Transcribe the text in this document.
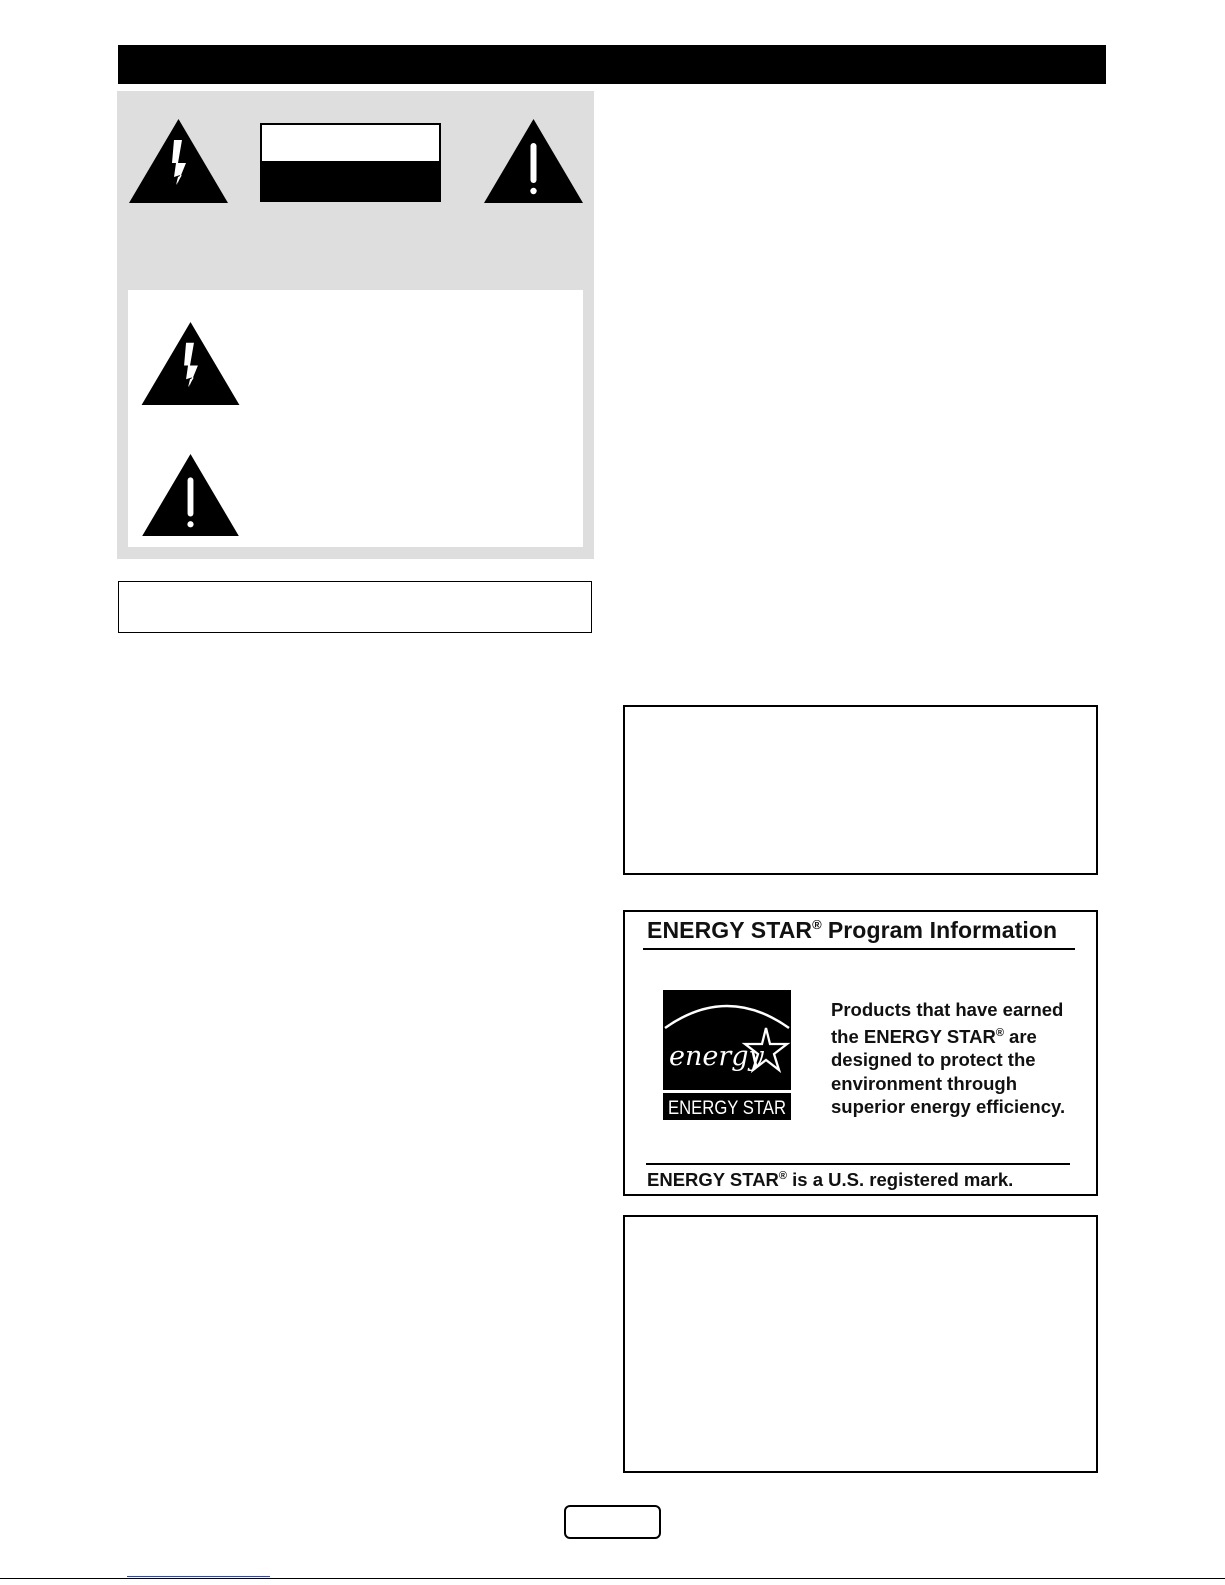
ENERGY STAR® Program Information
energy
ENERGY STAR
Products that have earned
the ENERGY STAR® are
designed to protect the
environment through
superior energy efficiency.
ENERGY STAR® is a U.S. registered mark.
